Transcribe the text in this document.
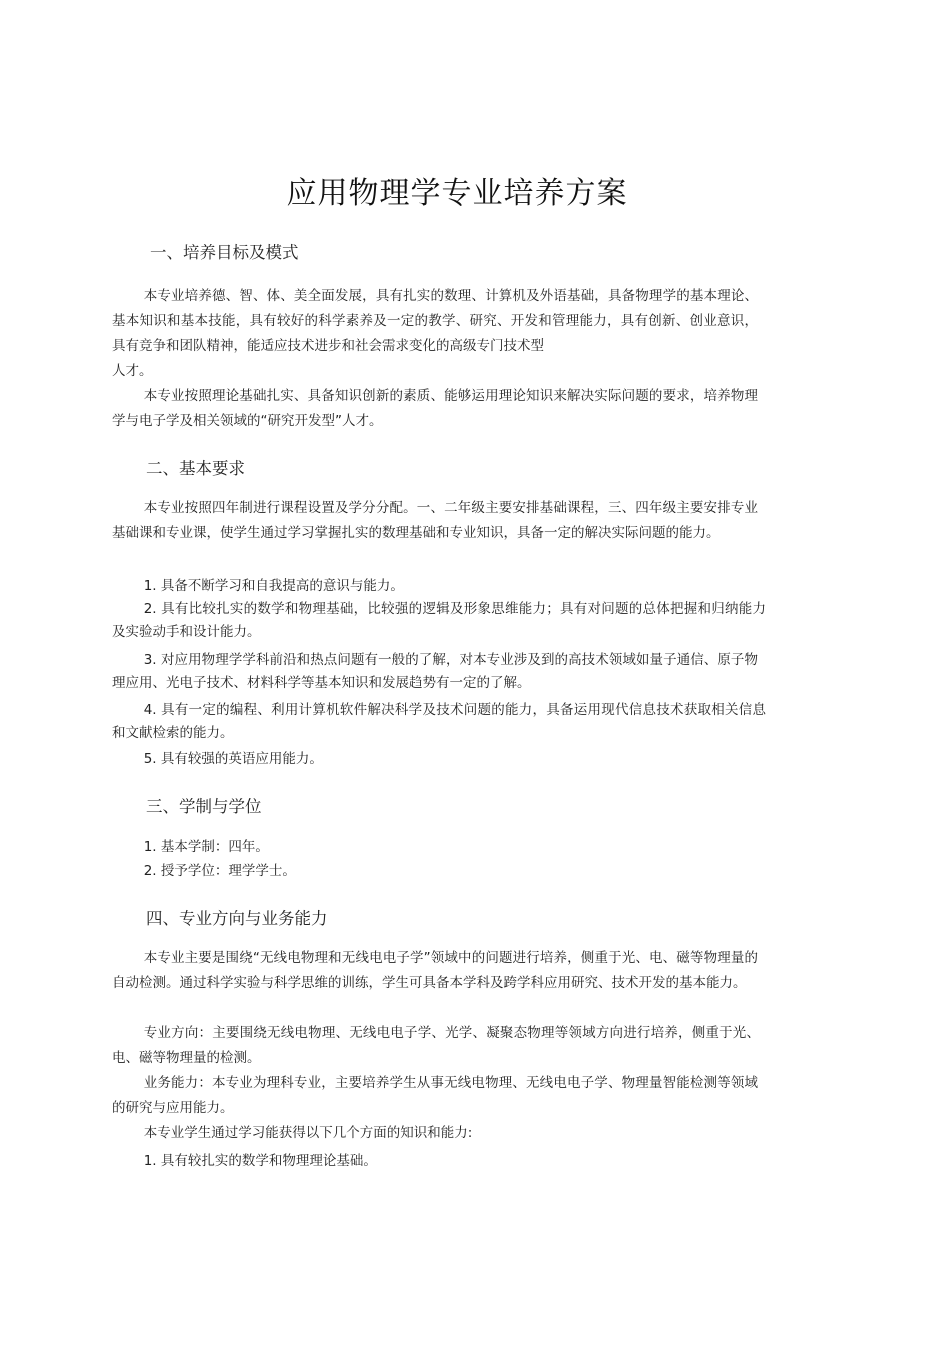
应用物理学专业培养方案
一、培养目标及模式
本专业培养德、智、体、美全面发展，具有扎实的数理、计算机及外语基础，具备物理学的基本理论、基本知识和基本技能，具有较好的科学素养及一定的教学、研究、开发和管理能力，具有创新、创业意识，具有竞争和团队精神，能适应技术进步和社会需求变化的高级专门技术型
人才。
本专业按照理论基础扎实、具备知识创新的素质、能够运用理论知识来解决实际问题的要求，培养物理学与电子学及相关领域的“研究开发型”人才。
二、基本要求
本专业按照四年制进行课程设置及学分分配。一、二年级主要安排基础课程，三、四年级主要安排专业基础课和专业课，使学生通过学习掌握扎实的数理基础和专业知识，具备一定的解决实际问题的能力。
1. 具备不断学习和自我提高的意识与能力。
2. 具有比较扎实的数学和物理基础，比较强的逻辑及形象思维能力；具有对问题的总体把握和归纳能力及实验动手和设计能力。
3. 对应用物理学学科前沿和热点问题有一般的了解，对本专业涉及到的高技术领域如量子通信、原子物理应用、光电子技术、材料科学等基本知识和发展趋势有一定的了解。
4. 具有一定的编程、利用计算机软件解决科学及技术问题的能力，具备运用现代信息技术获取相关信息和文献检索的能力。
5. 具有较强的英语应用能力。
三、学制与学位
1. 基本学制：四年。
2. 授予学位：理学学士。
四、专业方向与业务能力
本专业主要是围绕“无线电物理和无线电电子学”领域中的问题进行培养，侧重于光、电、磁等物理量的自动检测。通过科学实验与科学思维的训练，学生可具备本学科及跨学科应用研究、技术开发的基本能力。
专业方向：主要围绕无线电物理、无线电电子学、光学、凝聚态物理等领域方向进行培养，侧重于光、电、磁等物理量的检测。
业务能力：本专业为理科专业，主要培养学生从事无线电物理、无线电电子学、物理量智能检测等领域的研究与应用能力。
本专业学生通过学习能获得以下几个方面的知识和能力:
1. 具有较扎实的数学和物理理论基础。
